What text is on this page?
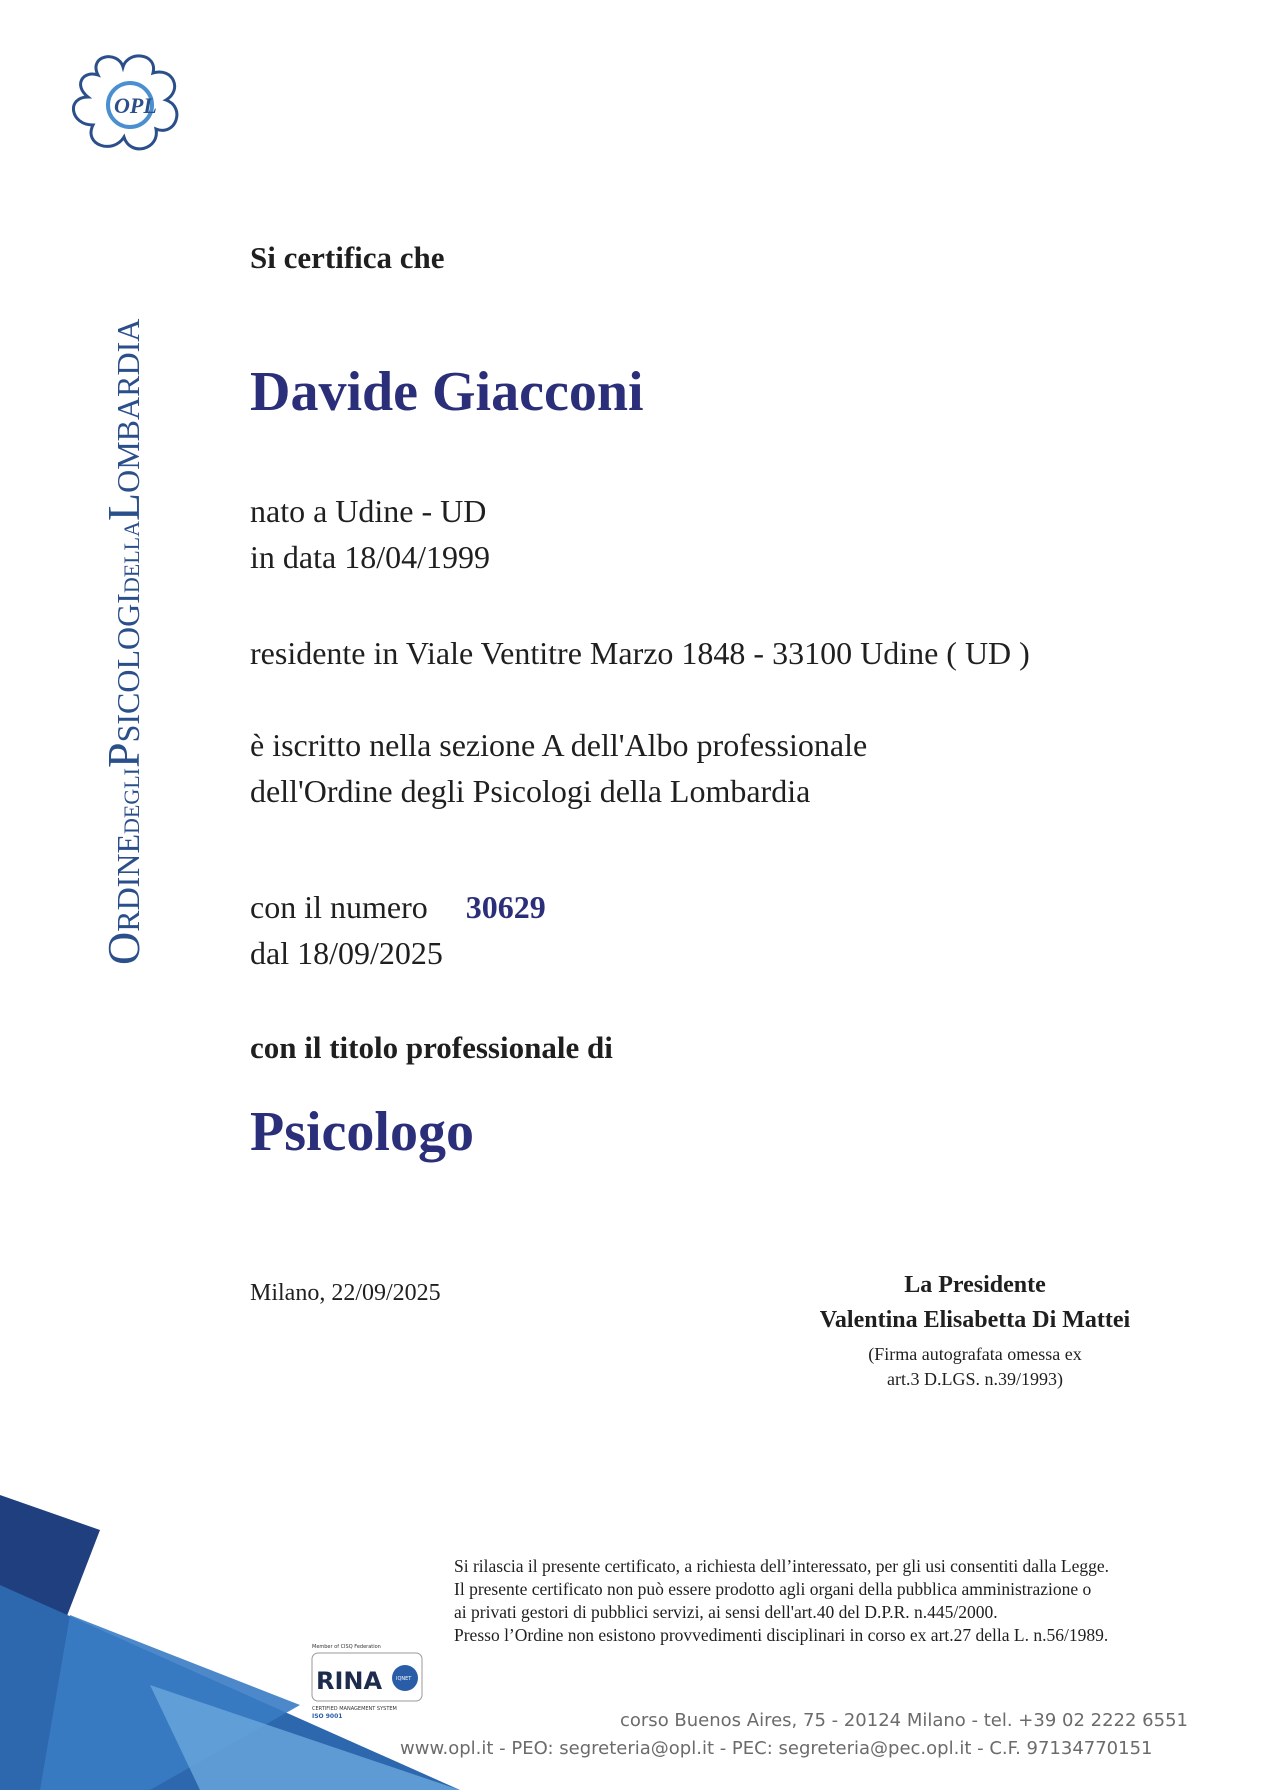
OPL
ORDINEDEGLIPSICOLOGIDELLALOMBARDIA
Si certifica che
Davide Giacconi
nato a Udine - UD
in data 18/04/1999
residente in Viale Ventitre Marzo 1848 - 33100 Udine ( UD )
è iscritto nella sezione A dell'Albo professionale
dell'Ordine degli Psicologi della Lombardia
con il numero 30629
dal 18/09/2025
con il titolo professionale di
Psicologo
Milano, 22/09/2025	La Presidente
Valentina Elisabetta Di Mattei
(Firma autografata omessa ex
art.3 D.LGS. n.39/1993)
Member of CISQ Federation
RINA	IQNET
CERTIFIED MANAGEMENT SYSTEM
ISO 9001
Si rilascia il presente certificato, a richiesta dell’interessato, per gli usi consentiti dalla Legge.
Il presente certificato non può essere prodotto agli organi della pubblica amministrazione o
ai privati gestori di pubblici servizi, ai sensi dell'art.40 del D.P.R. n.445/2000.
Presso l’Ordine non esistono provvedimenti disciplinari in corso ex art.27 della L. n.56/1989.
corso Buenos Aires, 75 - 20124 Milano - tel. +39 02 2222 6551
www.opl.it - PEO: segreteria@opl.it - PEC: segreteria@pec.opl.it - C.F. 97134770151
